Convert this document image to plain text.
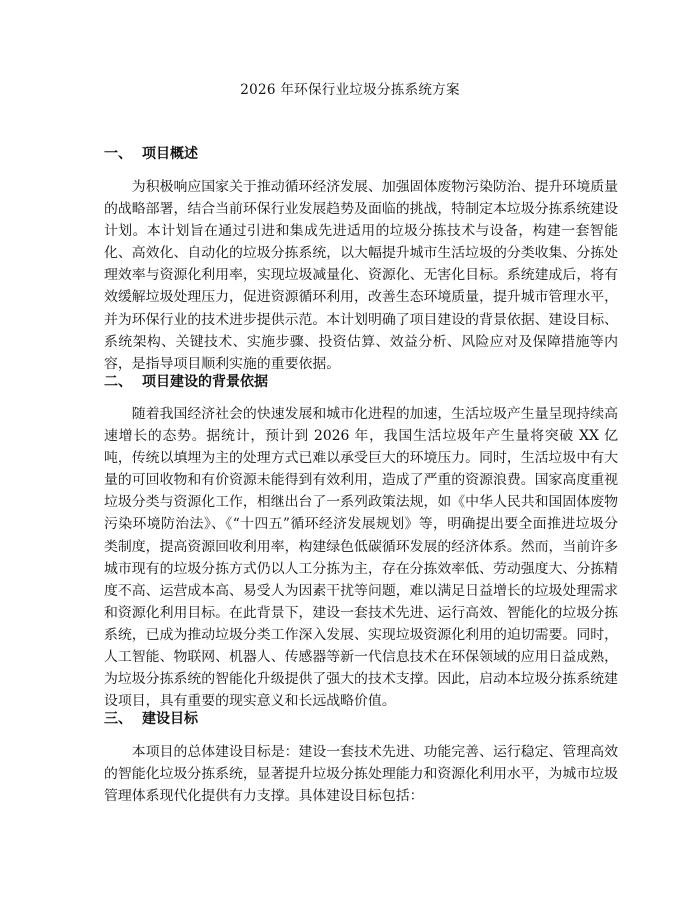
2026 年环保行业垃圾分拣系统方案
一、 项目概述

为积极响应国家关于推动循环经济发展、加强固体废物污染防治、提升环境质量的战略部署，结合当前环保行业发展趋势及面临的挑战，特制定本垃圾分拣系统建设计划。本计划旨在通过引进和集成先进适用的垃圾分拣技术与设备，构建一套智能化、高效化、自动化的垃圾分拣系统，以大幅提升城市生活垃圾的分类收集、分拣处理效率与资源化利用率，实现垃圾减量化、资源化、无害化目标。系统建成后，将有效缓解垃圾处理压力，促进资源循环利用，改善生态环境质量，提升城市管理水平，并为环保行业的技术进步提供示范。本计划明确了项目建设的背景依据、建设目标、系统架构、关键技术、实施步骤、投资估算、效益分析、风险应对及保障措施等内容，是指导项目顺利实施的重要依据。

二、 项目建设的背景依据

随着我国经济社会的快速发展和城市化进程的加速，生活垃圾产生量呈现持续高速增长的态势。据统计，预计到 2026 年，我国生活垃圾年产生量将突破 XX 亿吨，传统以填埋为主的处理方式已难以承受巨大的环境压力。同时，生活垃圾中有大量的可回收物和有价资源未能得到有效利用，造成了严重的资源浪费。国家高度重视垃圾分类与资源化工作，相继出台了一系列政策法规，如《中华人民共和国固体废物污染环境防治法》、《“十四五”循环经济发展规划》等，明确提出要全面推进垃圾分类制度，提高资源回收利用率，构建绿色低碳循环发展的经济体系。然而，当前许多城市现有的垃圾分拣方式仍以人工分拣为主，存在分拣效率低、劳动强度大、分拣精度不高、运营成本高、易受人为因素干扰等问题，难以满足日益增长的垃圾处理需求和资源化利用目标。在此背景下，建设一套技术先进、运行高效、智能化的垃圾分拣系统，已成为推动垃圾分类工作深入发展、实现垃圾资源化利用的迫切需要。同时，人工智能、物联网、机器人、传感器等新一代信息技术在环保领域的应用日益成熟，为垃圾分拣系统的智能化升级提供了强大的技术支撑。因此，启动本垃圾分拣系统建设项目，具有重要的现实意义和长远战略价值。

三、 建设目标

本项目的总体建设目标是：建设一套技术先进、功能完善、运行稳定、管理高效的智能化垃圾分拣系统，显著提升垃圾分拣处理能力和资源化利用水平，为城市垃圾管理体系现代化提供有力支撑。具体建设目标包括：
